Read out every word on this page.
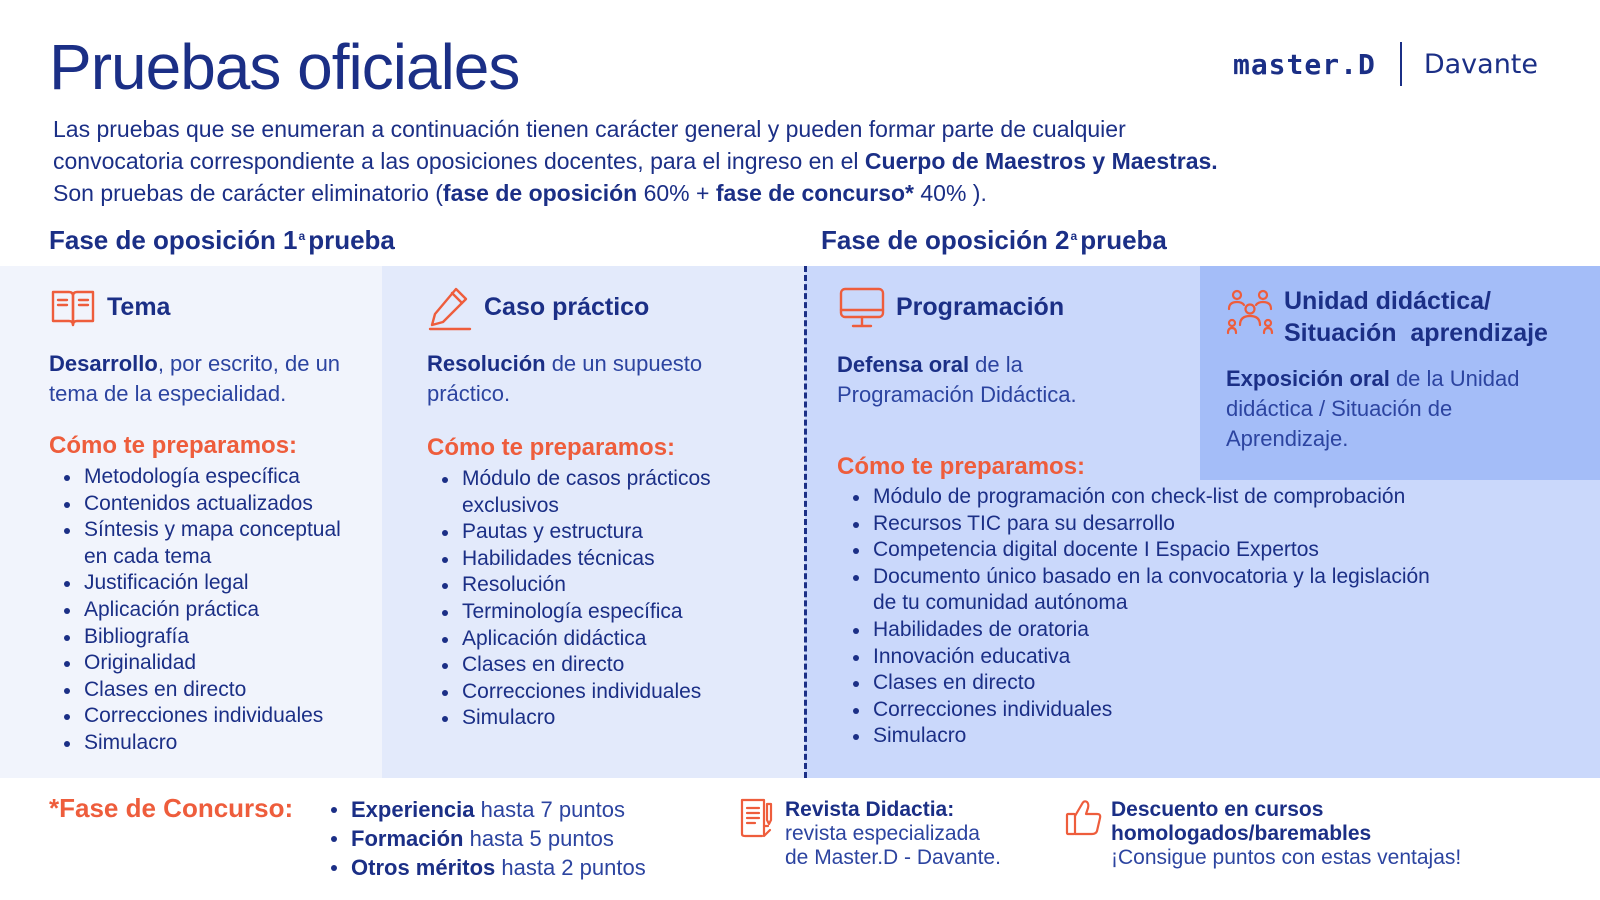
Pruebas oficiales	master.D Davante
Las pruebas que se enumeran a continuación tienen carácter general y pueden formar parte de cualquier
convocatoria correspondiente a las oposiciones docentes, para el ingreso en el Cuerpo de Maestros y Maestras.
Son pruebas de carácter eliminatorio (fase de oposición 60% + fase de concurso* 40% ).
Fase de oposición 1$^a$ prueba	Fase de oposición 2$^a$ prueba
Tema
Desarrollo, por escrito, de un tema de la especialidad.
Cómo te preparamos:
Metodología específica
Contenidos actualizados
Síntesis y mapa conceptual en cada tema
Justificación legal
Aplicación práctica
Bibliografía
Originalidad
Clases en directo
Correcciones individuales
Simulacro
Caso práctico
Resolución de un supuesto práctico.
Cómo te preparamos:
Módulo de casos prácticos exclusivos
Pautas y estructura
Habilidades técnicas
Resolución
Terminología específica
Aplicación didáctica
Clases en directo
Correcciones individuales
Simulacro
Programación
Defensa oral de la Programación Didáctica.
Cómo te preparamos:
Módulo de programación con check-list de comprobación
Recursos TIC para su desarrollo
Competencia digital docente I Espacio Expertos
Documento único basado en la convocatoria y la legislación de tu comunidad autónoma
Habilidades de oratoria
Innovación educativa
Clases en directo
Correcciones individuales
Simulacro
Unidad didáctica/
Situación  aprendizaje
Exposición oral de la Unidad didáctica / Situación de Aprendizaje.
*Fase de Concurso:	Experiencia hasta 7 puntos
Formación hasta 5 puntos
Otros méritos hasta 2 puntos
Revista Didactia:
revista especializada
de Master.D - Davante.
Descuento en cursos
homologados/baremables
¡Consigue puntos con estas ventajas!
